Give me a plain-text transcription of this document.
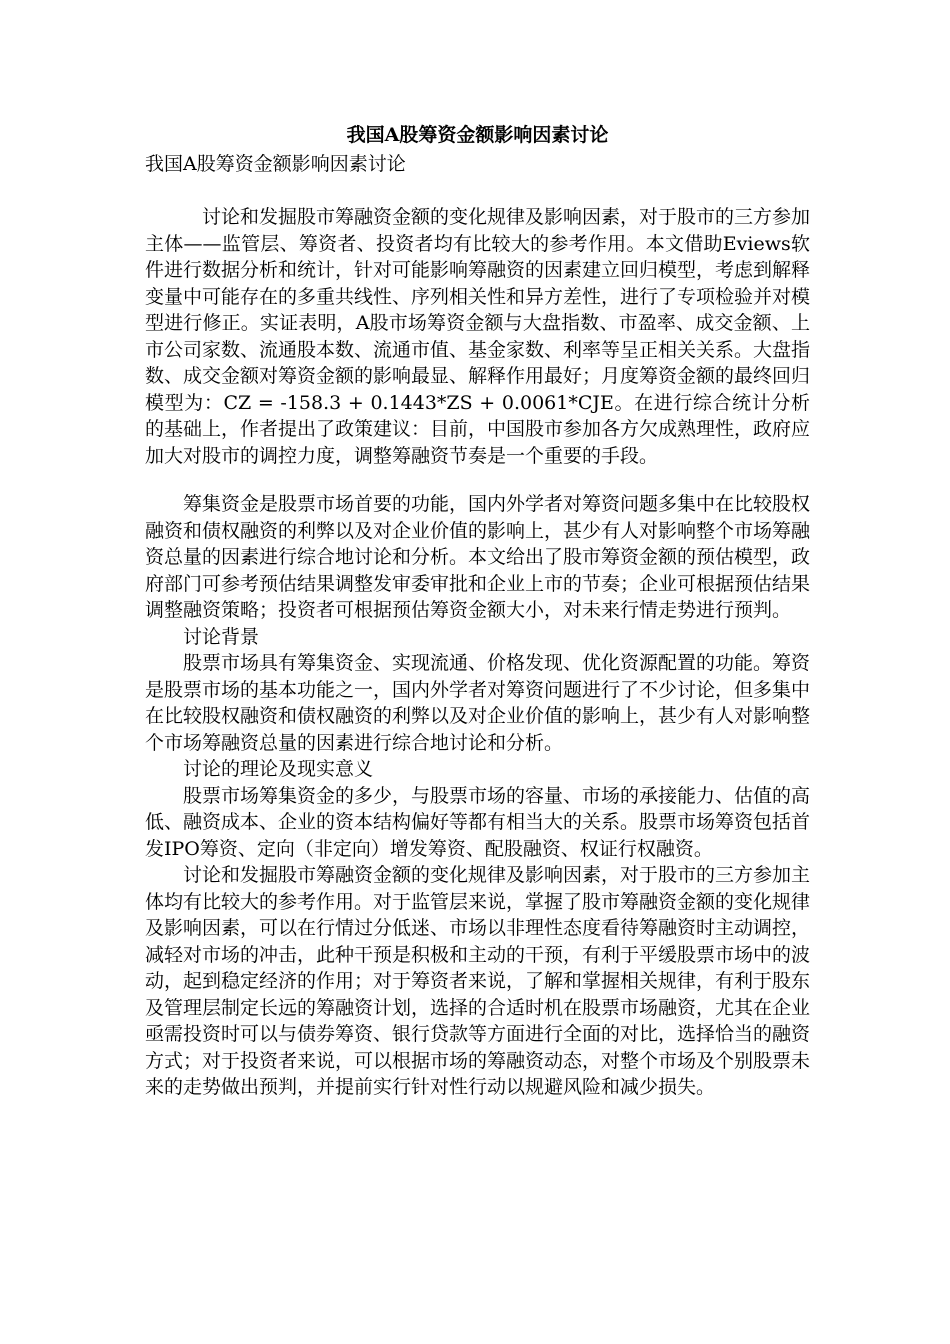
我国A股筹资金额影响因素讨论

我国A股筹资金额影响因素讨论

讨论和发掘股市筹融资金额的变化规律及影响因素，对于股市的三方参加主体——监管层、筹资者、投资者均有比较大的参考作用。本文借助Eviews软件进行数据分析和统计，针对可能影响筹融资的因素建立回归模型，考虑到解释变量中可能存在的多重共线性、序列相关性和异方差性，进行了专项检验并对模型进行修正。实证表明，A股市场筹资金额与大盘指数、市盈率、成交金额、上市公司家数、流通股本数、流通市值、基金家数、利率等呈正相关关系。大盘指数、成交金额对筹资金额的影响最显、解释作用最好；月度筹资金额的最终回归模型为：CZ = -158.3 + 0.1443*ZS + 0.0061*CJE。在进行综合统计分析的基础上，作者提出了政策建议：目前，中国股市参加各方欠成熟理性，政府应加大对股市的调控力度，调整筹融资节奏是一个重要的手段。

筹集资金是股票市场首要的功能，国内外学者对筹资问题多集中在比较股权融资和债权融资的利弊以及对企业价值的影响上，甚少有人对影响整个市场筹融资总量的因素进行综合地讨论和分析。本文给出了股市筹资金额的预估模型，政府部门可参考预估结果调整发审委审批和企业上市的节奏；企业可根据预估结果调整融资策略；投资者可根据预估筹资金额大小，对未来行情走势进行预判。

讨论背景

股票市场具有筹集资金、实现流通、价格发现、优化资源配置的功能。筹资是股票市场的基本功能之一，国内外学者对筹资问题进行了不少讨论，但多集中在比较股权融资和债权融资的利弊以及对企业价值的影响上，甚少有人对影响整个市场筹融资总量的因素进行综合地讨论和分析。

讨论的理论及现实意义

股票市场筹集资金的多少，与股票市场的容量、市场的承接能力、估值的高低、融资成本、企业的资本结构偏好等都有相当大的关系。股票市场筹资包括首发IPO筹资、定向（非定向）增发筹资、配股融资、权证行权融资。

讨论和发掘股市筹融资金额的变化规律及影响因素，对于股市的三方参加主体均有比较大的参考作用。对于监管层来说，掌握了股市筹融资金额的变化规律及影响因素，可以在行情过分低迷、市场以非理性态度看待筹融资时主动调控，减轻对市场的冲击，此种干预是积极和主动的干预，有利于平缓股票市场中的波动，起到稳定经济的作用；对于筹资者来说，了解和掌握相关规律，有利于股东及管理层制定长远的筹融资计划，选择的合适时机在股票市场融资，尤其在企业亟需投资时可以与债券筹资、银行贷款等方面进行全面的对比，选择恰当的融资方式；对于投资者来说，可以根据市场的筹融资动态，对整个市场及个别股票未来的走势做出预判，并提前实行针对性行动以规避风险和减少损失。
